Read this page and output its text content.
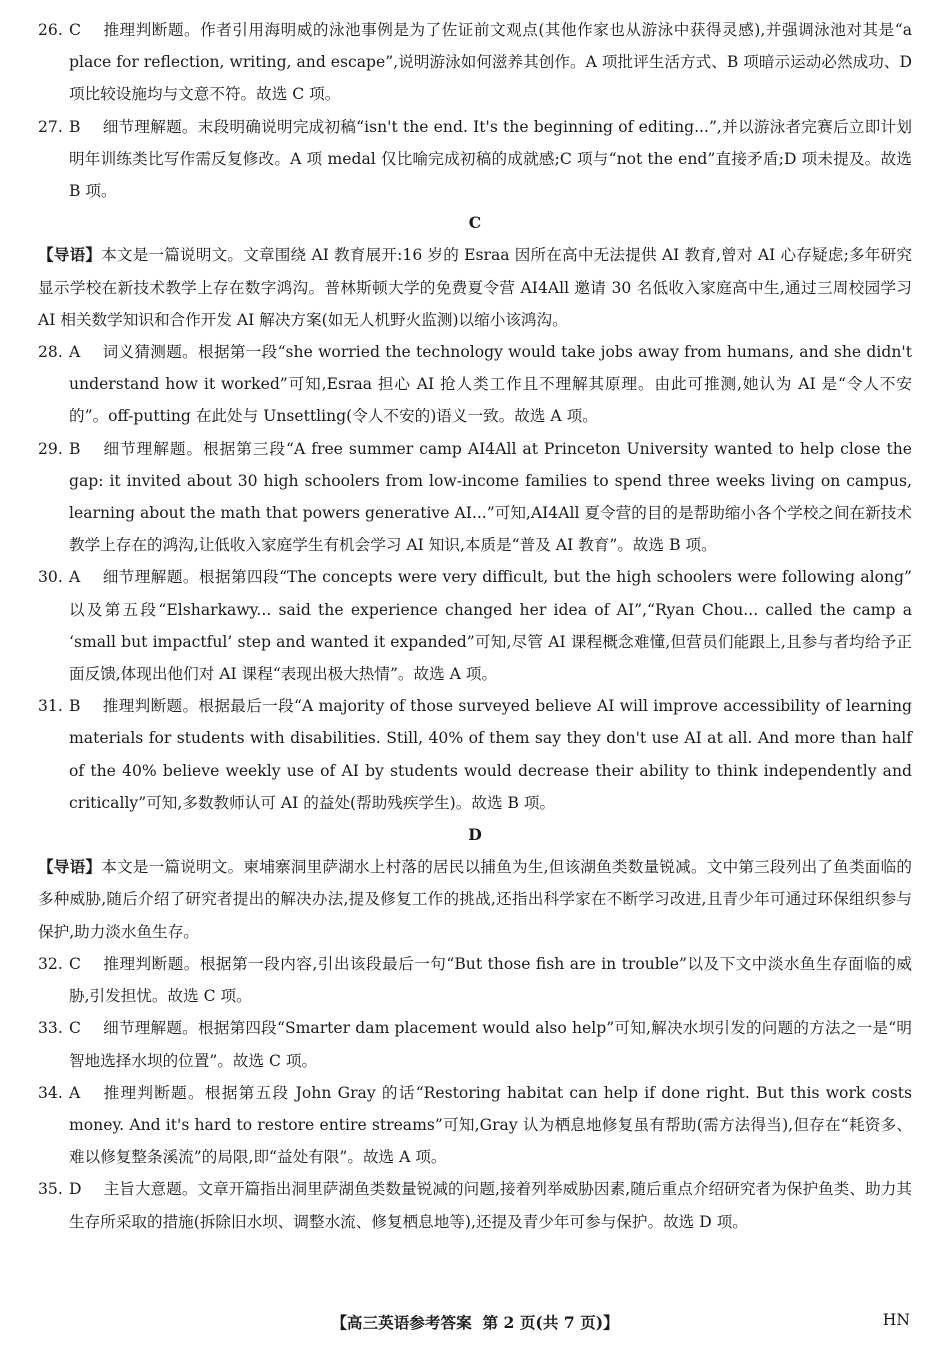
26. C 推理判断题。作者引用海明威的泳池事例是为了佐证前文观点(其他作家也从游泳中获得灵感),并强调泳池对其是“a place for reflection, writing, and escape”,说明游泳如何滋养其创作。A 项批评生活方式、B 项暗示运动必然成功、D 项比较设施均与文意不符。故选 C 项。

27. B 细节理解题。末段明确说明完成初稿“isn't the end. It's the beginning of editing...”,并以游泳者完赛后立即计划明年训练类比写作需反复修改。A 项 medal 仅比喻完成初稿的成就感;C 项与“not the end”直接矛盾;D 项未提及。故选 B 项。

C

【导语】本文是一篇说明文。文章围绕 AI 教育展开:16 岁的 Esraa 因所在高中无法提供 AI 教育,曾对 AI 心存疑虑;多年研究显示学校在新技术教学上存在数字鸿沟。普林斯顿大学的免费夏令营 AI4All 邀请 30 名低收入家庭高中生,通过三周校园学习 AI 相关数学知识和合作开发 AI 解决方案(如无人机野火监测)以缩小该鸿沟。

28. A 词义猜测题。根据第一段“she worried the technology would take jobs away from humans, and she didn't understand how it worked”可知,Esraa 担心 AI 抢人类工作且不理解其原理。由此可推测,她认为 AI 是“令人不安的”。off-putting 在此处与 Unsettling(令人不安的)语义一致。故选 A 项。

29. B 细节理解题。根据第三段“A free summer camp AI4All at Princeton University wanted to help close the gap: it invited about 30 high schoolers from low-income families to spend three weeks living on campus, learning about the math that powers generative AI...”可知,AI4All 夏令营的目的是帮助缩小各个学校之间在新技术教学上存在的鸿沟,让低收入家庭学生有机会学习 AI 知识,本质是“普及 AI 教育”。故选 B 项。

30. A 细节理解题。根据第四段“The concepts were very difficult, but the high schoolers were following along” 以及第五段“Elsharkawy... said the experience changed her idea of AI”,“Ryan Chou... called the camp a ‘small but impactful’ step and wanted it expanded”可知,尽管 AI 课程概念难懂,但营员们能跟上,且参与者均给予正面反馈,体现出他们对 AI 课程“表现出极大热情”。故选 A 项。

31. B 推理判断题。根据最后一段“A majority of those surveyed believe AI will improve accessibility of learning materials for students with disabilities. Still, 40% of them say they don't use AI at all. And more than half of the 40% believe weekly use of AI by students would decrease their ability to think independently and critically”可知,多数教师认可 AI 的益处(帮助残疾学生)。故选 B 项。

D

【导语】本文是一篇说明文。柬埔寨洞里萨湖水上村落的居民以捕鱼为生,但该湖鱼类数量锐减。文中第三段列出了鱼类面临的多种威胁,随后介绍了研究者提出的解决办法,提及修复工作的挑战,还指出科学家在不断学习改进,且青少年可通过环保组织参与保护,助力淡水鱼生存。

32. C 推理判断题。根据第一段内容,引出该段最后一句“But those fish are in trouble”以及下文中淡水鱼生存面临的威胁,引发担忧。故选 C 项。

33. C 细节理解题。根据第四段“Smarter dam placement would also help”可知,解决水坝引发的问题的方法之一是“明智地选择水坝的位置”。故选 C 项。

34. A 推理判断题。根据第五段 John Gray 的话“Restoring habitat can help if done right. But this work costs money. And it's hard to restore entire streams”可知,Gray 认为栖息地修复虽有帮助(需方法得当),但存在“耗资多、难以修复整条溪流”的局限,即“益处有限”。故选 A 项。

35. D 主旨大意题。文章开篇指出洞里萨湖鱼类数量锐减的问题,接着列举威胁因素,随后重点介绍研究者为保护鱼类、助力其生存所采取的措施(拆除旧水坝、调整水流、修复栖息地等),还提及青少年可参与保护。故选 D 项。

【高三英语参考答案 第 2 页(共 7 页)】	HN
